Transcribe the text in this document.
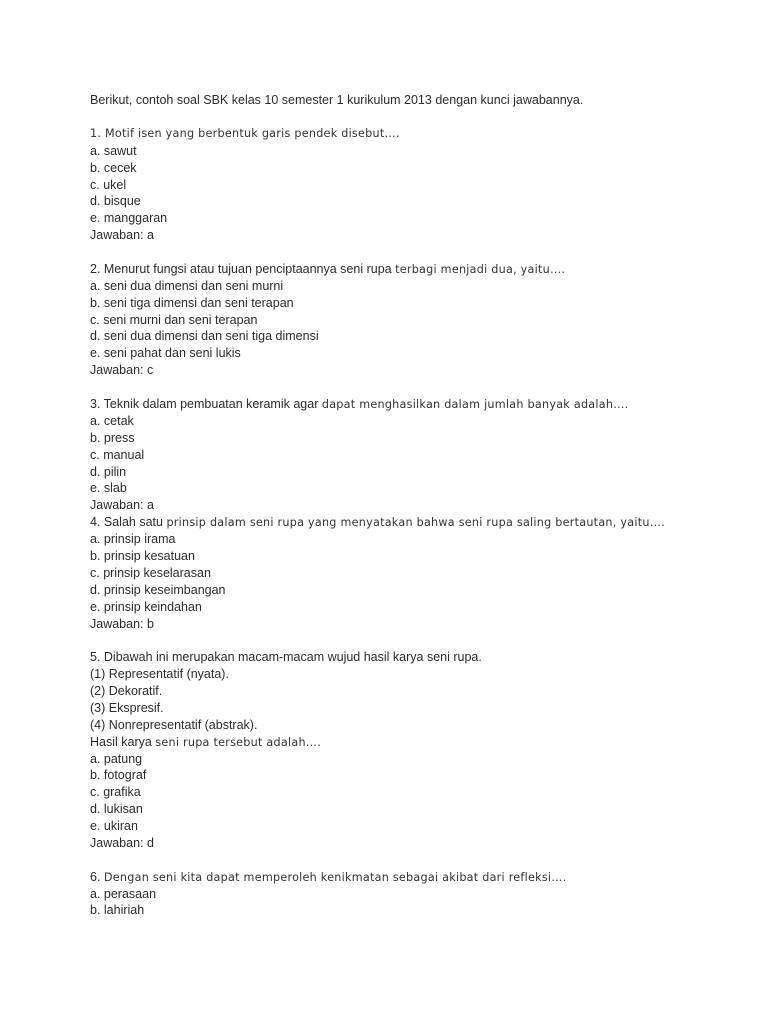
Berikut, contoh soal SBK kelas 10 semester 1 kurikulum 2013 dengan kunci jawabannya.
1. Motif isen yang berbentuk garis pendek disebut….
a. sawut
b. cecek
c. ukel
d. bisque
e. manggaran
Jawaban: a
2. Menurut fungsi atau tujuan penciptaannya seni rupa terbagi menjadi dua, yaitu….
a. seni dua dimensi dan seni murni
b. seni tiga dimensi dan seni terapan
c. seni murni dan seni terapan
d. seni dua dimensi dan seni tiga dimensi
e. seni pahat dan seni lukis
Jawaban: c
3. Teknik dalam pembuatan keramik agar dapat menghasilkan dalam jumlah banyak adalah….
a. cetak
b. press
c. manual
d. pilin
e. slab
Jawaban: a
4. Salah satu prinsip dalam seni rupa yang menyatakan bahwa seni rupa saling bertautan, yaitu….
a. prinsip irama
b. prinsip kesatuan
c. prinsip keselarasan
d. prinsip keseimbangan
e. prinsip keindahan
Jawaban: b
5. Dibawah ini merupakan macam-macam wujud hasil karya seni rupa.
(1) Representatif (nyata).
(2) Dekoratif.
(3) Ekspresif.
(4) Nonrepresentatif (abstrak).
Hasil karya seni rupa tersebut adalah….
a. patung
b. fotograf
c. grafika
d. lukisan
e. ukiran
Jawaban: d
6. Dengan seni kita dapat memperoleh kenikmatan sebagai akibat dari refleksi….
a. perasaan
b. lahiriah
